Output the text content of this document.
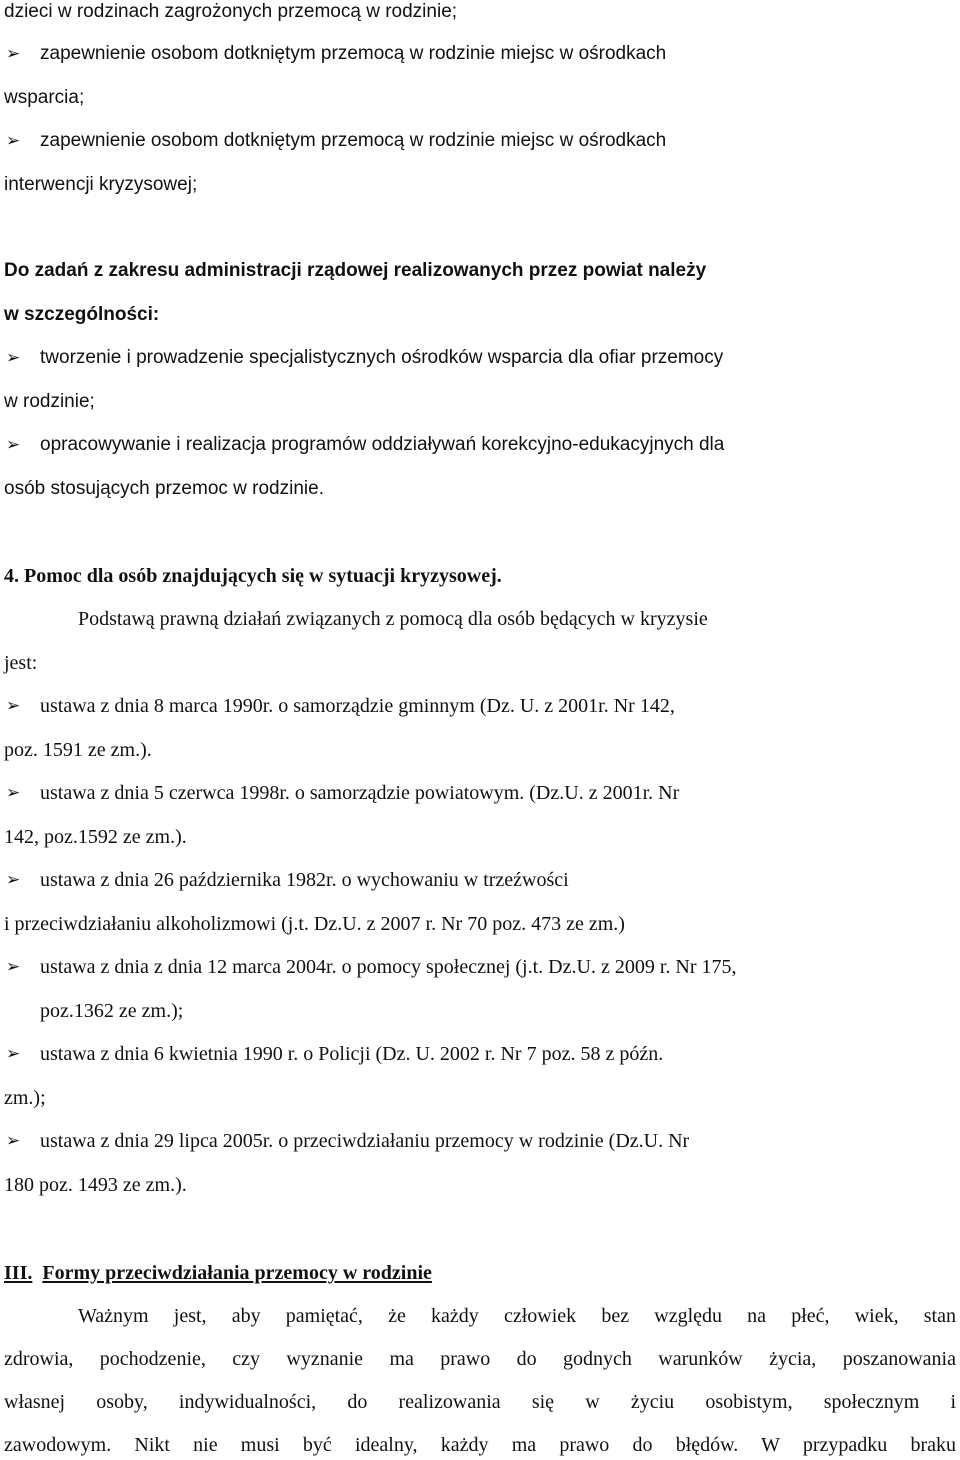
dzieci w rodzinach zagrożonych przemocą w rodzinie;
➢	zapewnienie osobom dotkniętym przemocą w rodzinie miejsc w ośrodkach
wsparcia;
➢	zapewnienie osobom dotkniętym przemocą w rodzinie miejsc w ośrodkach
interwencji kryzysowej;
Do zadań z zakresu administracji rządowej realizowanych przez powiat należy
w szczególności:
➢	tworzenie i prowadzenie specjalistycznych ośrodków wsparcia dla ofiar przemocy
w rodzinie;
➢	opracowywanie i realizacja programów oddziaływań korekcyjno-edukacyjnych dla
osób stosujących przemoc w rodzinie.
4. Pomoc dla osób znajdujących się w sytuacji kryzysowej.
Podstawą prawną działań związanych z pomocą dla osób będących w kryzysie
jest:
➢ ustawa z dnia 8 marca 1990r. o samorządzie gminnym (Dz. U. z 2001r. Nr 142,
poz. 1591 ze zm.).
➢ ustawa z dnia 5 czerwca 1998r. o samorządzie powiatowym. (Dz.U. z 2001r. Nr
142, poz.1592 ze zm.).
➢ ustawa z dnia 26 października 1982r. o wychowaniu w trzeźwości
i przeciwdziałaniu alkoholizmowi (j.t. Dz.U. z 2007 r. Nr 70 poz. 473 ze zm.)
➢ ustawa z dnia z dnia 12 marca 2004r. o pomocy społecznej (j.t. Dz.U. z 2009 r. Nr 175,
poz.1362 ze zm.);
➢ ustawa z dnia 6 kwietnia 1990 r. o Policji (Dz. U. 2002 r. Nr 7 poz. 58 z późn.
zm.);
➢ ustawa z dnia 29 lipca 2005r. o przeciwdziałaniu przemocy w rodzinie (Dz.U. Nr
180 poz. 1493 ze zm.).
III. Formy przeciwdziałania przemocy w rodzinie
Ważnym jest, aby pamiętać, że każdy człowiek bez względu na płeć, wiek, stan
zdrowia, pochodzenie, czy wyznanie ma prawo do godnych warunków życia, poszanowania
własnej osoby, indywidualności, do realizowania się w życiu osobistym, społecznym i
zawodowym. Nikt nie musi być idealny, każdy ma prawo do błędów. W przypadku braku
